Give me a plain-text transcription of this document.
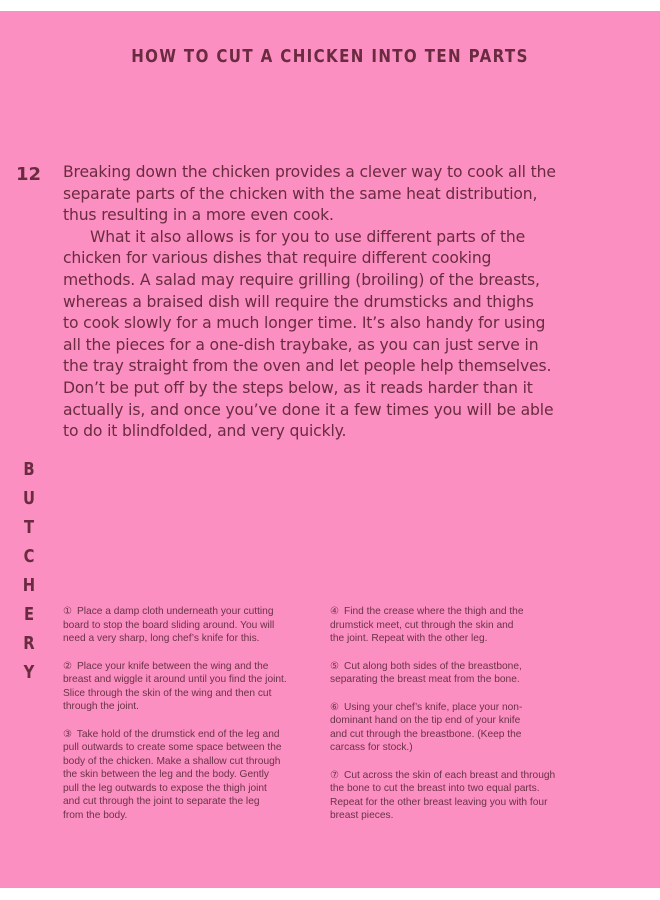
HOW TO CUT A CHICKEN INTO TEN PARTS
12 Breaking down the chicken provides a clever way to cook all the
separate parts of the chicken with the same heat distribution,
thus resulting in a more even cook.

What it also allows is for you to use different parts of the
chicken for various dishes that require different cooking
methods. A salad may require grilling (broiling) of the breasts,
whereas a braised dish will require the drumsticks and thighs
to cook slowly for a much longer time. It’s also handy for using
all the pieces for a one-dish traybake, as you can just serve in
the tray straight from the oven and let people help themselves.
Don’t be put off by the steps below, as it reads harder than it
actually is, and once you’ve done it a few times you will be able
to do it blindfolded, and very quickly.

B
U
T
C
H
E
R
Y
① Place a damp cloth underneath your cutting
board to stop the board sliding around. You will
need a very sharp, long chef’s knife for this.
② Place your knife between the wing and the
breast and wiggle it around until you find the joint.
Slice through the skin of the wing and then cut
through the joint.
③ Take hold of the drumstick end of the leg and
pull outwards to create some space between the
body of the chicken. Make a shallow cut through
the skin between the leg and the body. Gently
pull the leg outwards to expose the thigh joint
and cut through the joint to separate the leg
from the body.
④ Find the crease where the thigh and the
drumstick meet, cut through the skin and
the joint. Repeat with the other leg.
⑤ Cut along both sides of the breastbone,
separating the breast meat from the bone.
⑥ Using your chef’s knife, place your non-
dominant hand on the tip end of your knife
and cut through the breastbone. (Keep the
carcass for stock.)
⑦ Cut across the skin of each breast and through
the bone to cut the breast into two equal parts.
Repeat for the other breast leaving you with four
breast pieces.
